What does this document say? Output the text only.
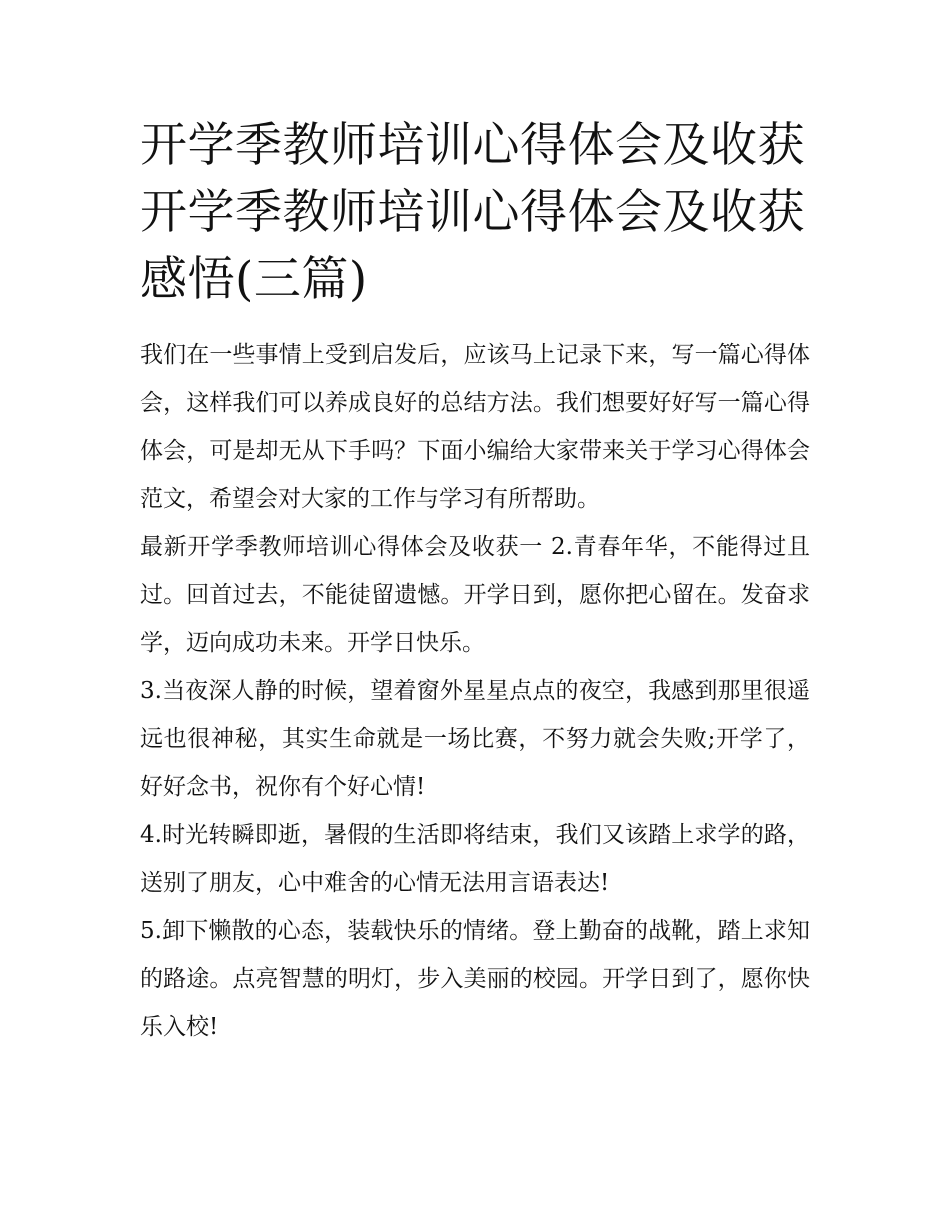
开学季教师培训心得体会及收获 开学季教师培训心得体会及收获感悟(三篇)

我们在一些事情上受到启发后，应该马上记录下来，写一篇心得体会，这样我们可以养成良好的总结方法。我们想要好好写一篇心得体会，可是却无从下手吗？下面小编给大家带来关于学习心得体会范文，希望会对大家的工作与学习有所帮助。

最新开学季教师培训心得体会及收获一 2.青春年华，不能得过且过。回首过去，不能徒留遗憾。开学日到，愿你把心留在。发奋求学，迈向成功未来。开学日快乐。

3.当夜深人静的时候，望着窗外星星点点的夜空，我感到那里很遥远也很神秘，其实生命就是一场比赛，不努力就会失败;开学了，好好念书，祝你有个好心情!

4.时光转瞬即逝，暑假的生活即将结束，我们又该踏上求学的路，送别了朋友，心中难舍的心情无法用言语表达!

5.卸下懒散的心态，装载快乐的情绪。登上勤奋的战靴，踏上求知的路途。点亮智慧的明灯，步入美丽的校园。开学日到了，愿你快乐入校!
